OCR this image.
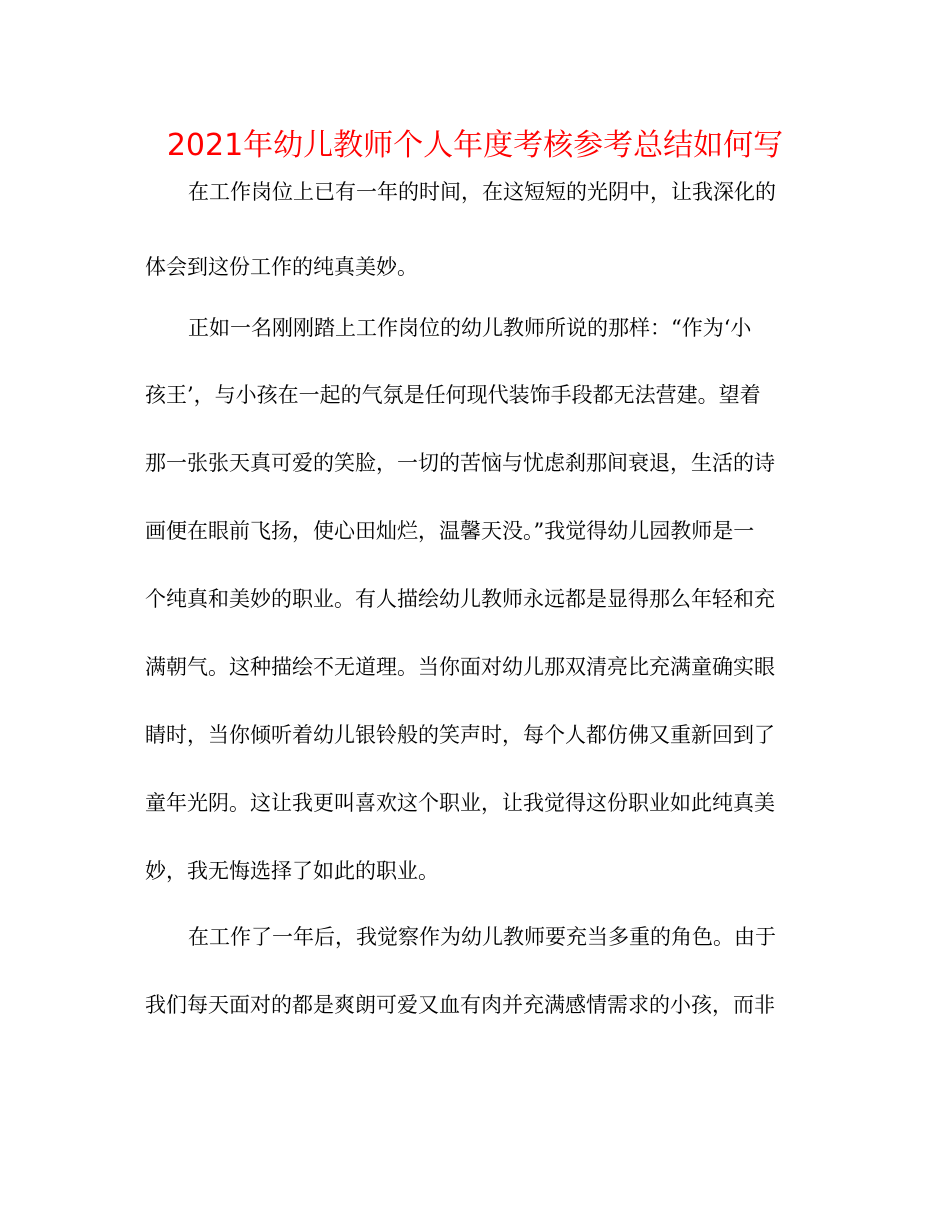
2021年幼儿教师个人年度考核参考总结如何写
在工作岗位上已有一年的时间，在这短短的光阴中，让我深化的
体会到这份工作的纯真美妙。
正如一名刚刚踏上工作岗位的幼儿教师所说的那样：“作为‘小
孩王’，与小孩在一起的气氛是任何现代装饰手段都无法营建。望着
那一张张天真可爱的笑脸，一切的苦恼与忧虑刹那间衰退，生活的诗
画便在眼前飞扬，使心田灿烂，温馨天没。”我觉得幼儿园教师是一
个纯真和美妙的职业。有人描绘幼儿教师永远都是显得那么年轻和充
满朝气。这种描绘不无道理。当你面对幼儿那双清亮比充满童确实眼
睛时，当你倾听着幼儿银铃般的笑声时，每个人都仿佛又重新回到了
童年光阴。这让我更叫喜欢这个职业，让我觉得这份职业如此纯真美
妙，我无悔选择了如此的职业。
在工作了一年后，我觉察作为幼儿教师要充当多重的角色。由于
我们每天面对的都是爽朗可爱又血有肉并充满感情需求的小孩，而非
